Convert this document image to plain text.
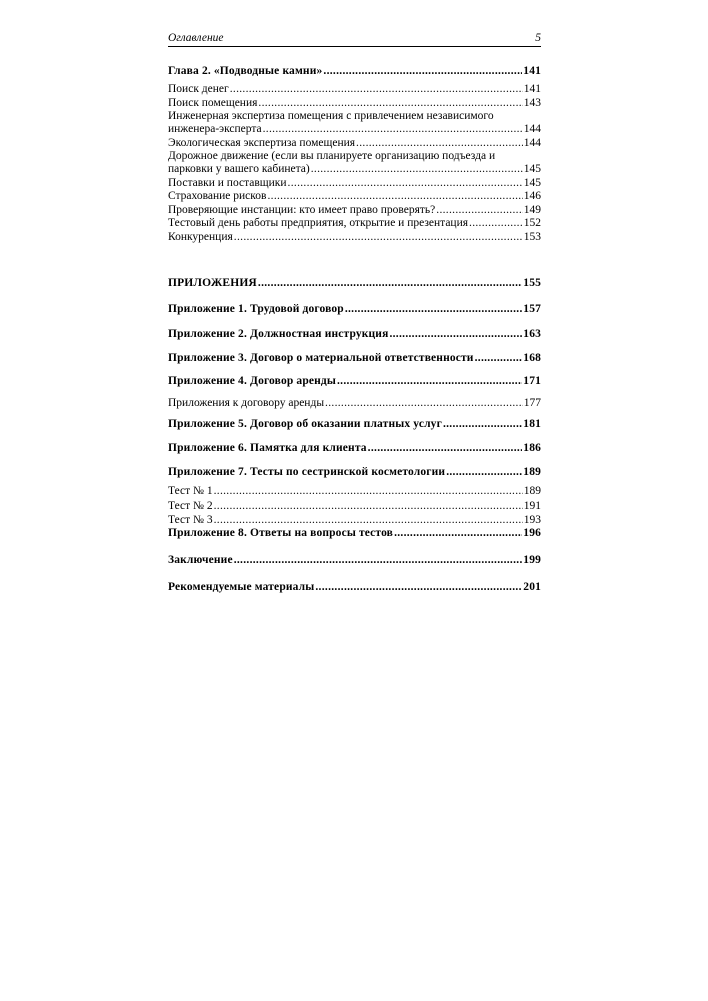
Оглавление	5
Глава 2. «Подводные камни» .....	141
Поиск денег .....	141
Поиск помещения .....	143
Инженерная экспертиза помещения с привлечением независимого
инженера-эксперта .....	144
Экологическая экспертиза помещения .....	144
Дорожное движение (если вы планируете организацию подъезда и
парковки у вашего кабинета) .....	145
Поставки и поставщики .....	145
Страхование рисков .....	146
Проверяющие инстанции: кто имеет право проверять? .....	149
Тестовый день работы предприятия, открытие и презентация .....	152
Конкуренция .....	153
ПРИЛОЖЕНИЯ .....	155
Приложение 1. Трудовой договор .....	157
Приложение 2. Должностная инструкция .....	163
Приложение 3. Договор о материальной ответственности .....	168
Приложение 4. Договор аренды .....	171
Приложения к договору аренды .....	177
Приложение 5. Договор об оказании платных услуг .....	181
Приложение 6. Памятка для клиента .....	186
Приложение 7. Тесты по сестринской косметологии .....	189
Тест № 1 .....	189
Тест № 2 .....	191
Тест № 3 .....	193
Приложение 8. Ответы на вопросы тестов .....	196
Заключение .....	199
Рекомендуемые материалы .....	201
